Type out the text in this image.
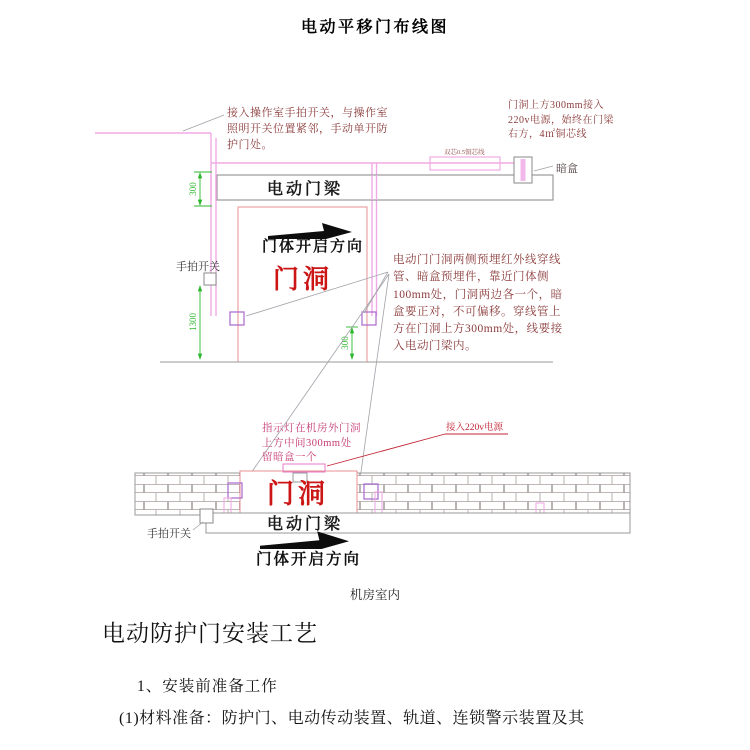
电动平移门布线图
双芯0.5铜芯线
电动门梁
暗盒
门体开启方向
门洞
手拍开关
300
1300
300
门洞
电动门梁
手拍开关
门体开启方向
接入操作室手拍开关，与操作室照明开关位置紧邻，手动单开防护门处。
门洞上方300mm接入220v电源，始终在门梁右方，4㎡铜芯线
电动门门洞两侧预埋红外线穿线管、暗盒预埋件，靠近门体侧100mm处，门洞两边各一个，暗盒要正对，不可偏移。穿线管上方在门洞上方300mm处，线要接入电动门梁内。
指示灯在机房外门洞上方中间300mm处留暗盒一个
接入220v电源
机房室内
电动防护门安装工艺
1、安装前准备工作
(1)材料准备：防护门、电动传动装置、轨道、连锁警示装置及其
